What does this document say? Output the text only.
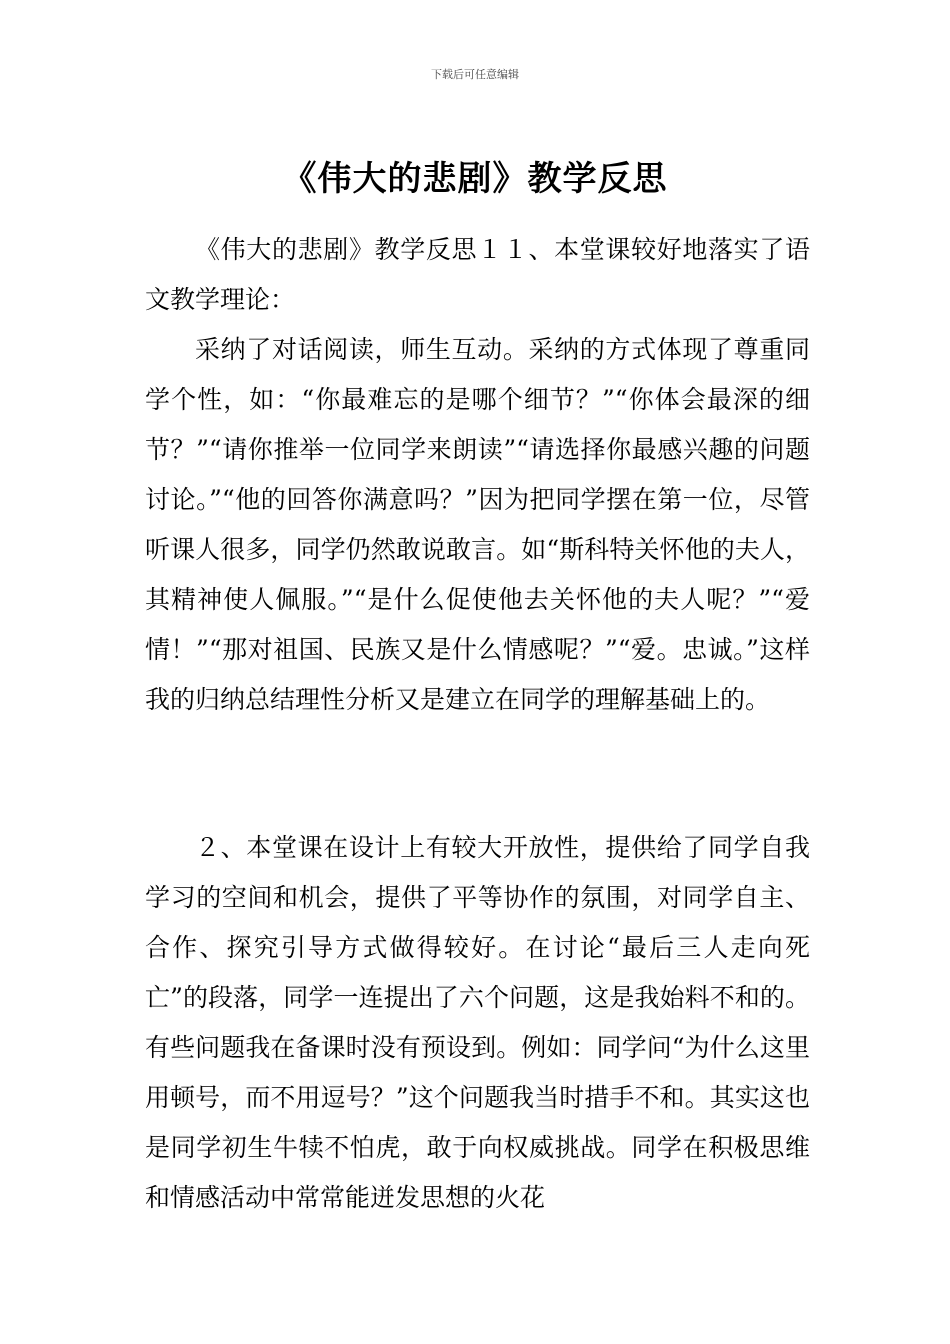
下载后可任意编辑
《伟大的悲剧》教学反思

《伟大的悲剧》教学反思１１、本堂课较好地落实了语文教学理论：

采纳了对话阅读，师生互动。采纳的方式体现了尊重同学个性，如：“你最难忘的是哪个细节？”“你体会最深的细节？”“请你推举一位同学来朗读”“请选择你最感兴趣的问题讨论。”“他的回答你满意吗？”因为把同学摆在第一位，尽管听课人很多，同学仍然敢说敢言。如“斯科特关怀他的夫人，其精神使人佩服。”“是什么促使他去关怀他的夫人呢？”“爱情！”“那对祖国、民族又是什么情感呢？”“爱。忠诚。”这样我的归纳总结理性分析又是建立在同学的理解基础上的。

２、本堂课在设计上有较大开放性，提供给了同学自我学习的空间和机会，提供了平等协作的氛围，对同学自主、合作、探究引导方式做得较好。在讨论“最后三人走向死亡”的段落，同学一连提出了六个问题，这是我始料不和的。有些问题我在备课时没有预设到。例如：同学问“为什么这里用顿号，而不用逗号？”这个问题我当时措手不和。其实这也是同学初生牛犊不怕虎，敢于向权威挑战。同学在积极思维和情感活动中常常能迸发思想的火花
